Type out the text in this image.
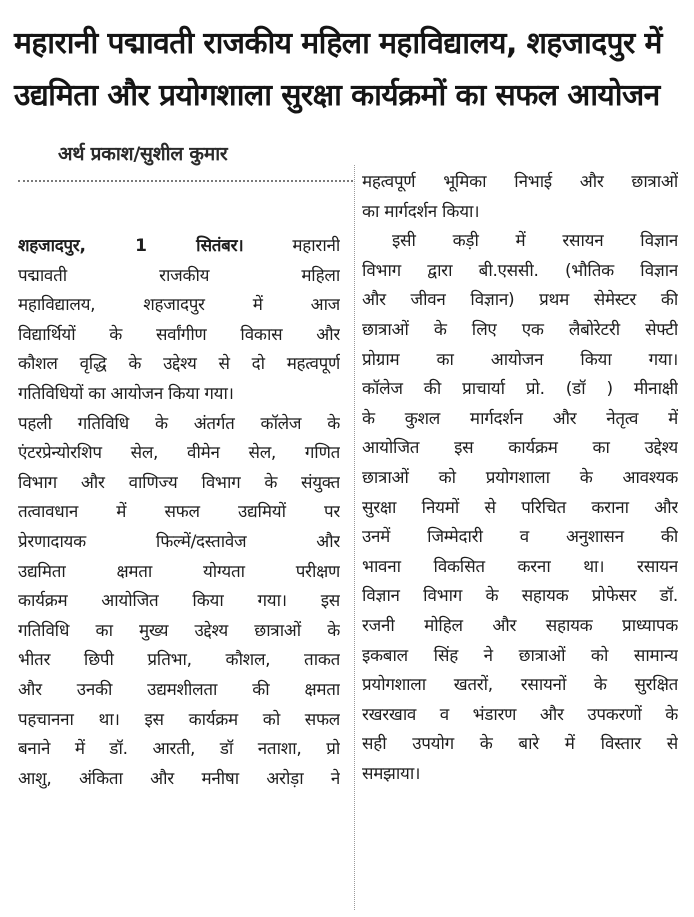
महारानी पद्मावती राजकीय महिला महाविद्यालय, शहजादपुर में
उद्यमिता और प्रयोगशाला सुरक्षा कार्यक्रमों का सफल आयोजन
अर्थ प्रकाश/सुशील कुमार
शहजादपुर, 1 सितंबर। महारानी
पद्मावती राजकीय महिला
महाविद्यालय, शहजादपुर में आज
विद्यार्थियों के सर्वांगीण विकास और
कौशल वृद्धि के उद्देश्य से दो महत्वपूर्ण
गतिविधियों का आयोजन किया गया।
पहली गतिविधि के अंतर्गत कॉलेज के
एंटरप्रेन्योरशिप सेल, वीमेन सेल, गणित
विभाग और वाणिज्य विभाग के संयुक्त
तत्वावधान में सफल उद्यमियों पर
प्रेरणादायक फिल्में/दस्तावेज और
उद्यमिता क्षमता योग्यता परीक्षण
कार्यक्रम आयोजित किया गया। इस
गतिविधि का मुख्य उद्देश्य छात्राओं के
भीतर छिपी प्रतिभा, कौशल, ताकत
और उनकी उद्यमशीलता की क्षमता
पहचानना था। इस कार्यक्रम को सफल
बनाने में डॉ. आरती, डॉ नताशा, प्रो
आशु, अंकिता और मनीषा अरोड़ा ने
महत्वपूर्ण भूमिका निभाई और छात्राओं
का मार्गदर्शन किया।
इसी कड़ी में रसायन विज्ञान
विभाग द्वारा बी.एससी. (भौतिक विज्ञान
और जीवन विज्ञान) प्रथम सेमेस्टर की
छात्राओं के लिए एक लैबोरेटरी सेफ्टी
प्रोग्राम का आयोजन किया गया।
कॉलेज की प्राचार्या प्रो. (डॉ ) मीनाक्षी
के कुशल मार्गदर्शन और नेतृत्व में
आयोजित इस कार्यक्रम का उद्देश्य
छात्राओं को प्रयोगशाला के आवश्यक
सुरक्षा नियमों से परिचित कराना और
उनमें जिम्मेदारी व अनुशासन की
भावना विकसित करना था। रसायन
विज्ञान विभाग के सहायक प्रोफेसर डॉ.
रजनी मोहिल और सहायक प्राध्यापक
इकबाल सिंह ने छात्राओं को सामान्य
प्रयोगशाला खतरों, रसायनों के सुरक्षित
रखरखाव व भंडारण और उपकरणों के
सही उपयोग के बारे में विस्तार से
समझाया।
